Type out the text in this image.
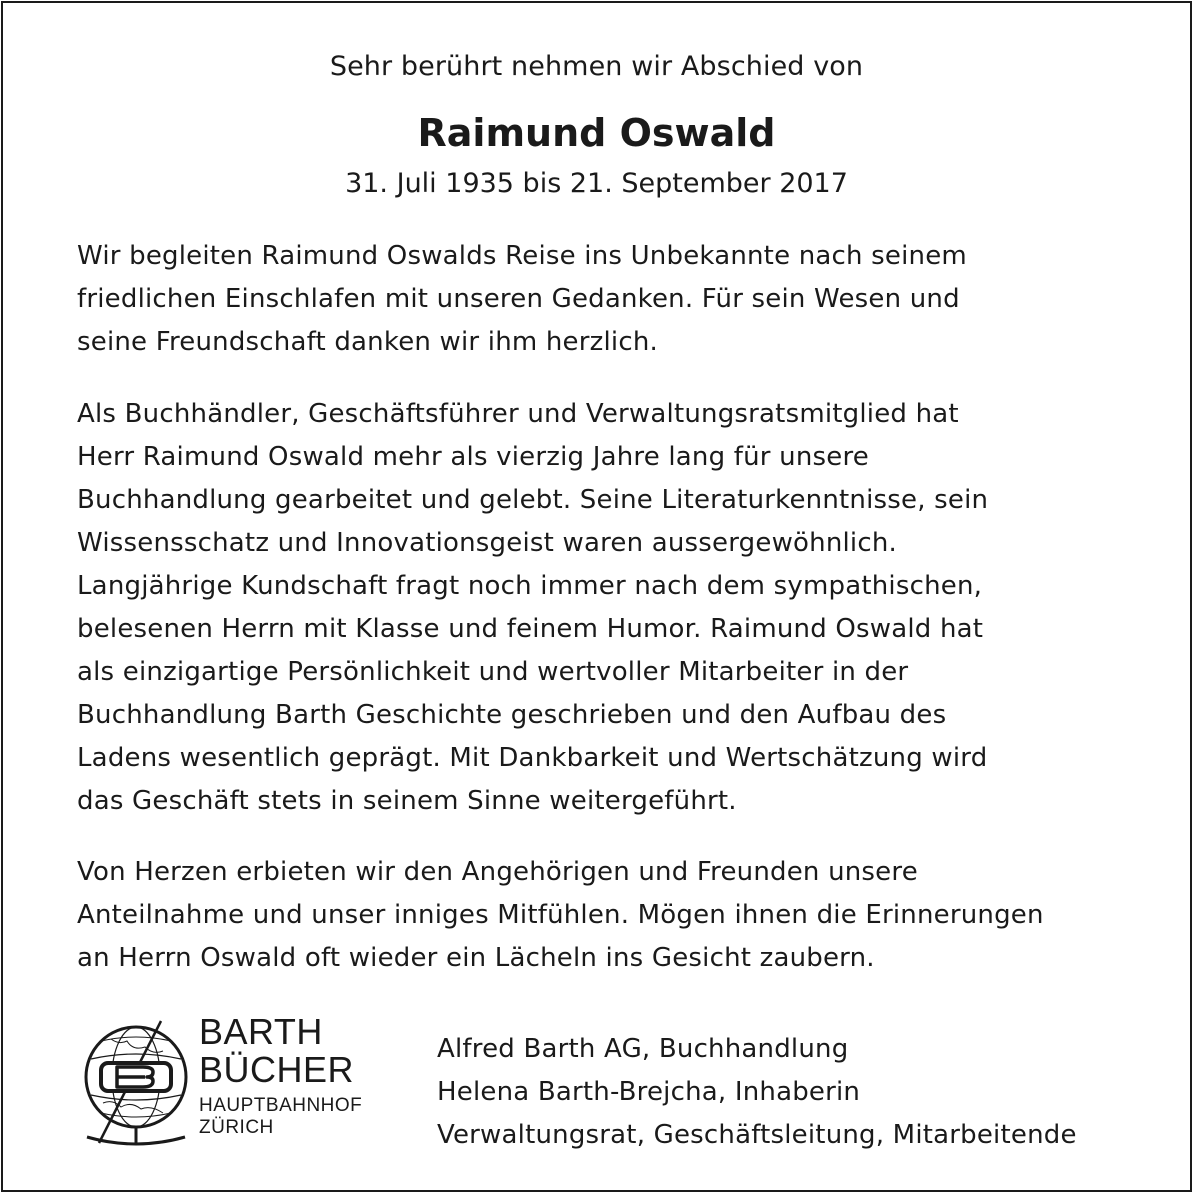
Sehr berührt nehmen wir Abschied von
Raimund Oswald
31. Juli 1935 bis 21. September 2017
Wir begleiten Raimund Oswalds Reise ins Unbekannte nach seinem
friedlichen Einschlafen mit unseren Gedanken. Für sein Wesen und
seine Freundschaft danken wir ihm herzlich.
Als Buchhändler, Geschäftsführer und Verwaltungsratsmitglied hat
Herr Raimund Oswald mehr als vierzig Jahre lang für unsere
Buchhandlung gearbeitet und gelebt. Seine Literaturkenntnisse, sein
Wissensschatz und Innovationsgeist waren aussergewöhnlich.
Langjährige Kundschaft fragt noch immer nach dem sympathischen,
belesenen Herrn mit Klasse und feinem Humor. Raimund Oswald hat
als einzigartige Persönlichkeit und wertvoller Mitarbeiter in der
Buchhandlung Barth Geschichte geschrieben und den Aufbau des
Ladens wesentlich geprägt. Mit Dankbarkeit und Wertschätzung wird
das Geschäft stets in seinem Sinne weitergeführt.
Von Herzen erbieten wir den Angehörigen und Freunden unsere
Anteilnahme und unser inniges Mitfühlen. Mögen ihnen die Erinnerungen
an Herrn Oswald oft wieder ein Lächeln ins Gesicht zaubern.
BARTH
BÜCHER
HAUPTBAHNHOF
ZÜRICH
Alfred Barth AG, Buchhandlung
Helena Barth-Brejcha, Inhaberin
Verwaltungsrat, Geschäftsleitung, Mitarbeitende
